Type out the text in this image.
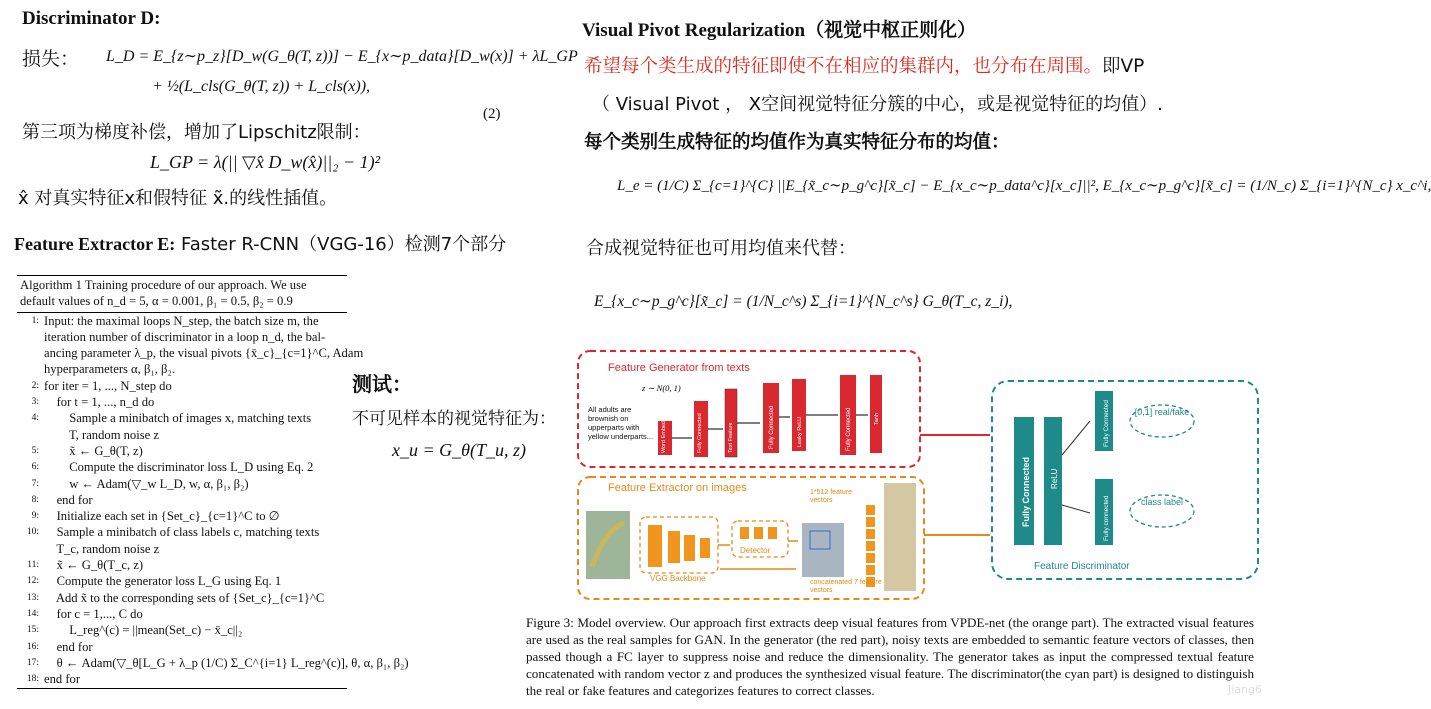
Discriminator D:
损失： L_D = E_{z∼p_z}[D_w(G_θ(T, z))] − E_{x∼p_data}[D_w(x)] + λL_GP
+ ½(L_cls(G_θ(T, z)) + L_cls(x)),
(2)
第三项为梯度补偿，增加了Lipschitz限制：
L_GP = λ(|| ▽x̂ D_w(x̂)||₂ − 1)²
x̂ 对真实特征x和假特征 x̃.的线性插值。
Feature Extractor E: Faster R-CNN（VGG-16）检测7个部分
Algorithm 1 Training procedure of our approach. We use default values of n_d = 5, α = 0.001, β₁ = 0.5, β₂ = 0.9
1: Input: the maximal loops N_step, the batch size m, the
iteration number of discriminator in a loop n_d, the bal-
ancing parameter λ_p, the visual pivots {x̄_c}_{c=1}^C, Adam
hyperparameters α, β₁, β₂.
2: for iter = 1, ..., N_step do
3: for t = 1, ..., n_d do
4: Sample a minibatch of images x, matching texts
T, random noise z
5: x̃ ← G_θ(T, z)
6: Compute the discriminator loss L_D using Eq. 2
7: w ← Adam(▽_w L_D, w, α, β₁, β₂)
8: end for
9: Initialize each set in {Set_c}_{c=1}^C to ∅
10: Sample a minibatch of class labels c, matching texts
T_c, random noise z
11: x̃ ← G_θ(T_c, z)
12: Compute the generator loss L_G using Eq. 1
13: Add x̃ to the corresponding sets of {Set_c}_{c=1}^C
14: for c = 1,..., C do
15: L_reg^(c) = ||mean(Set_c) − x̄_c||₂
16: end for
17: θ ← Adam(▽_θ[L_G + λ_p (1/C) Σ_C^{i=1} L_reg^(c)], θ, α, β₁, β₂)
18: end for
测试：
不可见样本的视觉特征为：
x_u = G_θ(T_u, z)
Visual Pivot Regularization（视觉中枢正则化）
希望每个类生成的特征即使不在相应的集群内，也分布在周围。即VP
（ Visual Pivot ， X空间视觉特征分簇的中心，或是视觉特征的均值）.
每个类别生成特征的均值作为真实特征分布的均值：
L_e = (1/C) Σ_{c=1}^{C} ||E_{x̃_c∼p_g^c}[x̃_c] − E_{x_c∼p_data^c}[x_c]||², E_{x_c∼p_g^c}[x̃_c] = (1/N_c) Σ_{i=1}^{N_c} x_c^i,
合成视觉特征也可用均值来代替：
E_{x_c∼p_g^c}[x̃_c] = (1/N_c^s) Σ_{i=1}^{N_c^s} G_θ(T_c, z_i),
Feature Generator from texts
z ∼ N(0, 1)
All adults are brownish on upperparts with yellow underparts...	Word Embedd	Fully Connected	Text Feature	Fully Connected	Leaky ReLU	Fully Connected	Tanh
Feature Extractor on images
VGG Backbone
Detector
1*512 feature vectors
concatenated 7 feature vectors
Fully Connected ReLU
Fully Connected
Fully connected
[0,1] real/fake
class label
Feature Discriminator
Figure 3: Model overview. Our approach first extracts deep visual features from VPDE-net (the orange part). The extracted visual features are used as the real samples for GAN. In the generator (the red part), noisy texts are embedded to semantic feature vectors of classes, then passed though a FC layer to suppress noise and reduce the dimensionality. The generator takes as input the compressed textual feature concatenated with random vector z and produces the synthesized visual feature. The discriminator(the cyan part) is designed to distinguish the real or fake features and categorizes features to correct classes.	Jiang6
